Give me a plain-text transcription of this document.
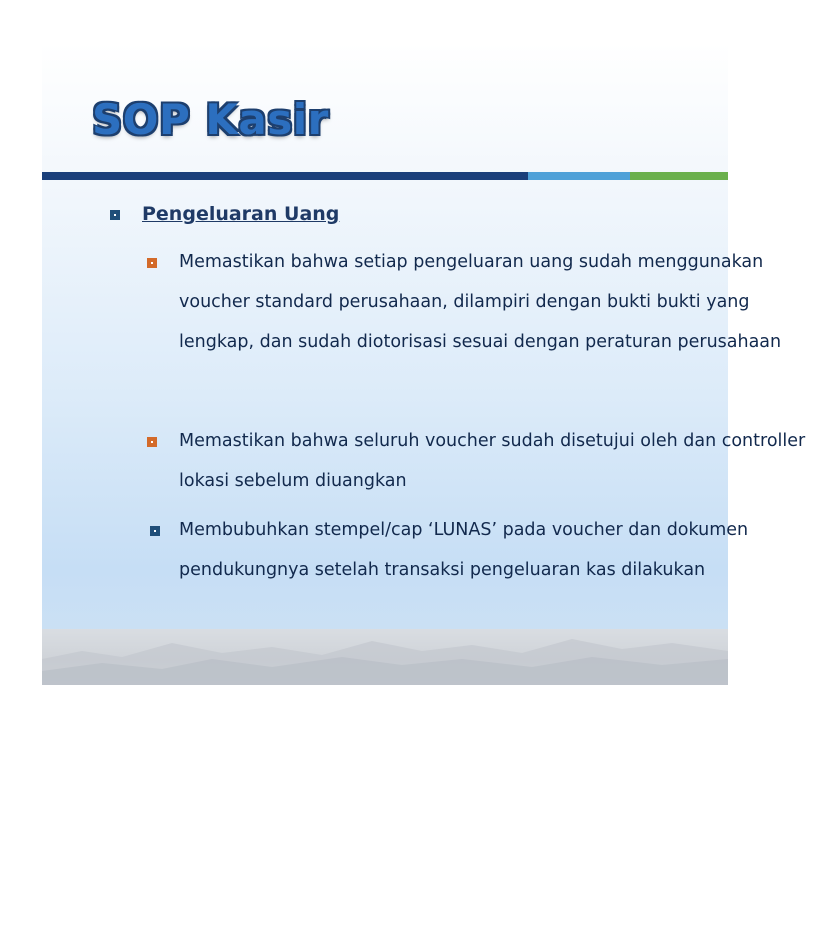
SOP Kasir

Pengeluaran Uang

Memastikan bahwa setiap pengeluaran uang sudah menggunakan voucher standard perusahaan, dilampiri dengan bukti bukti yang lengkap, dan sudah diotorisasi sesuai dengan peraturan perusahaan

Memastikan bahwa seluruh voucher sudah disetujui oleh dan controller lokasi sebelum diuangkan

Membubuhkan stempel/cap ‘LUNAS’ pada voucher dan dokumen pendukungnya setelah transaksi pengeluaran kas dilakukan
